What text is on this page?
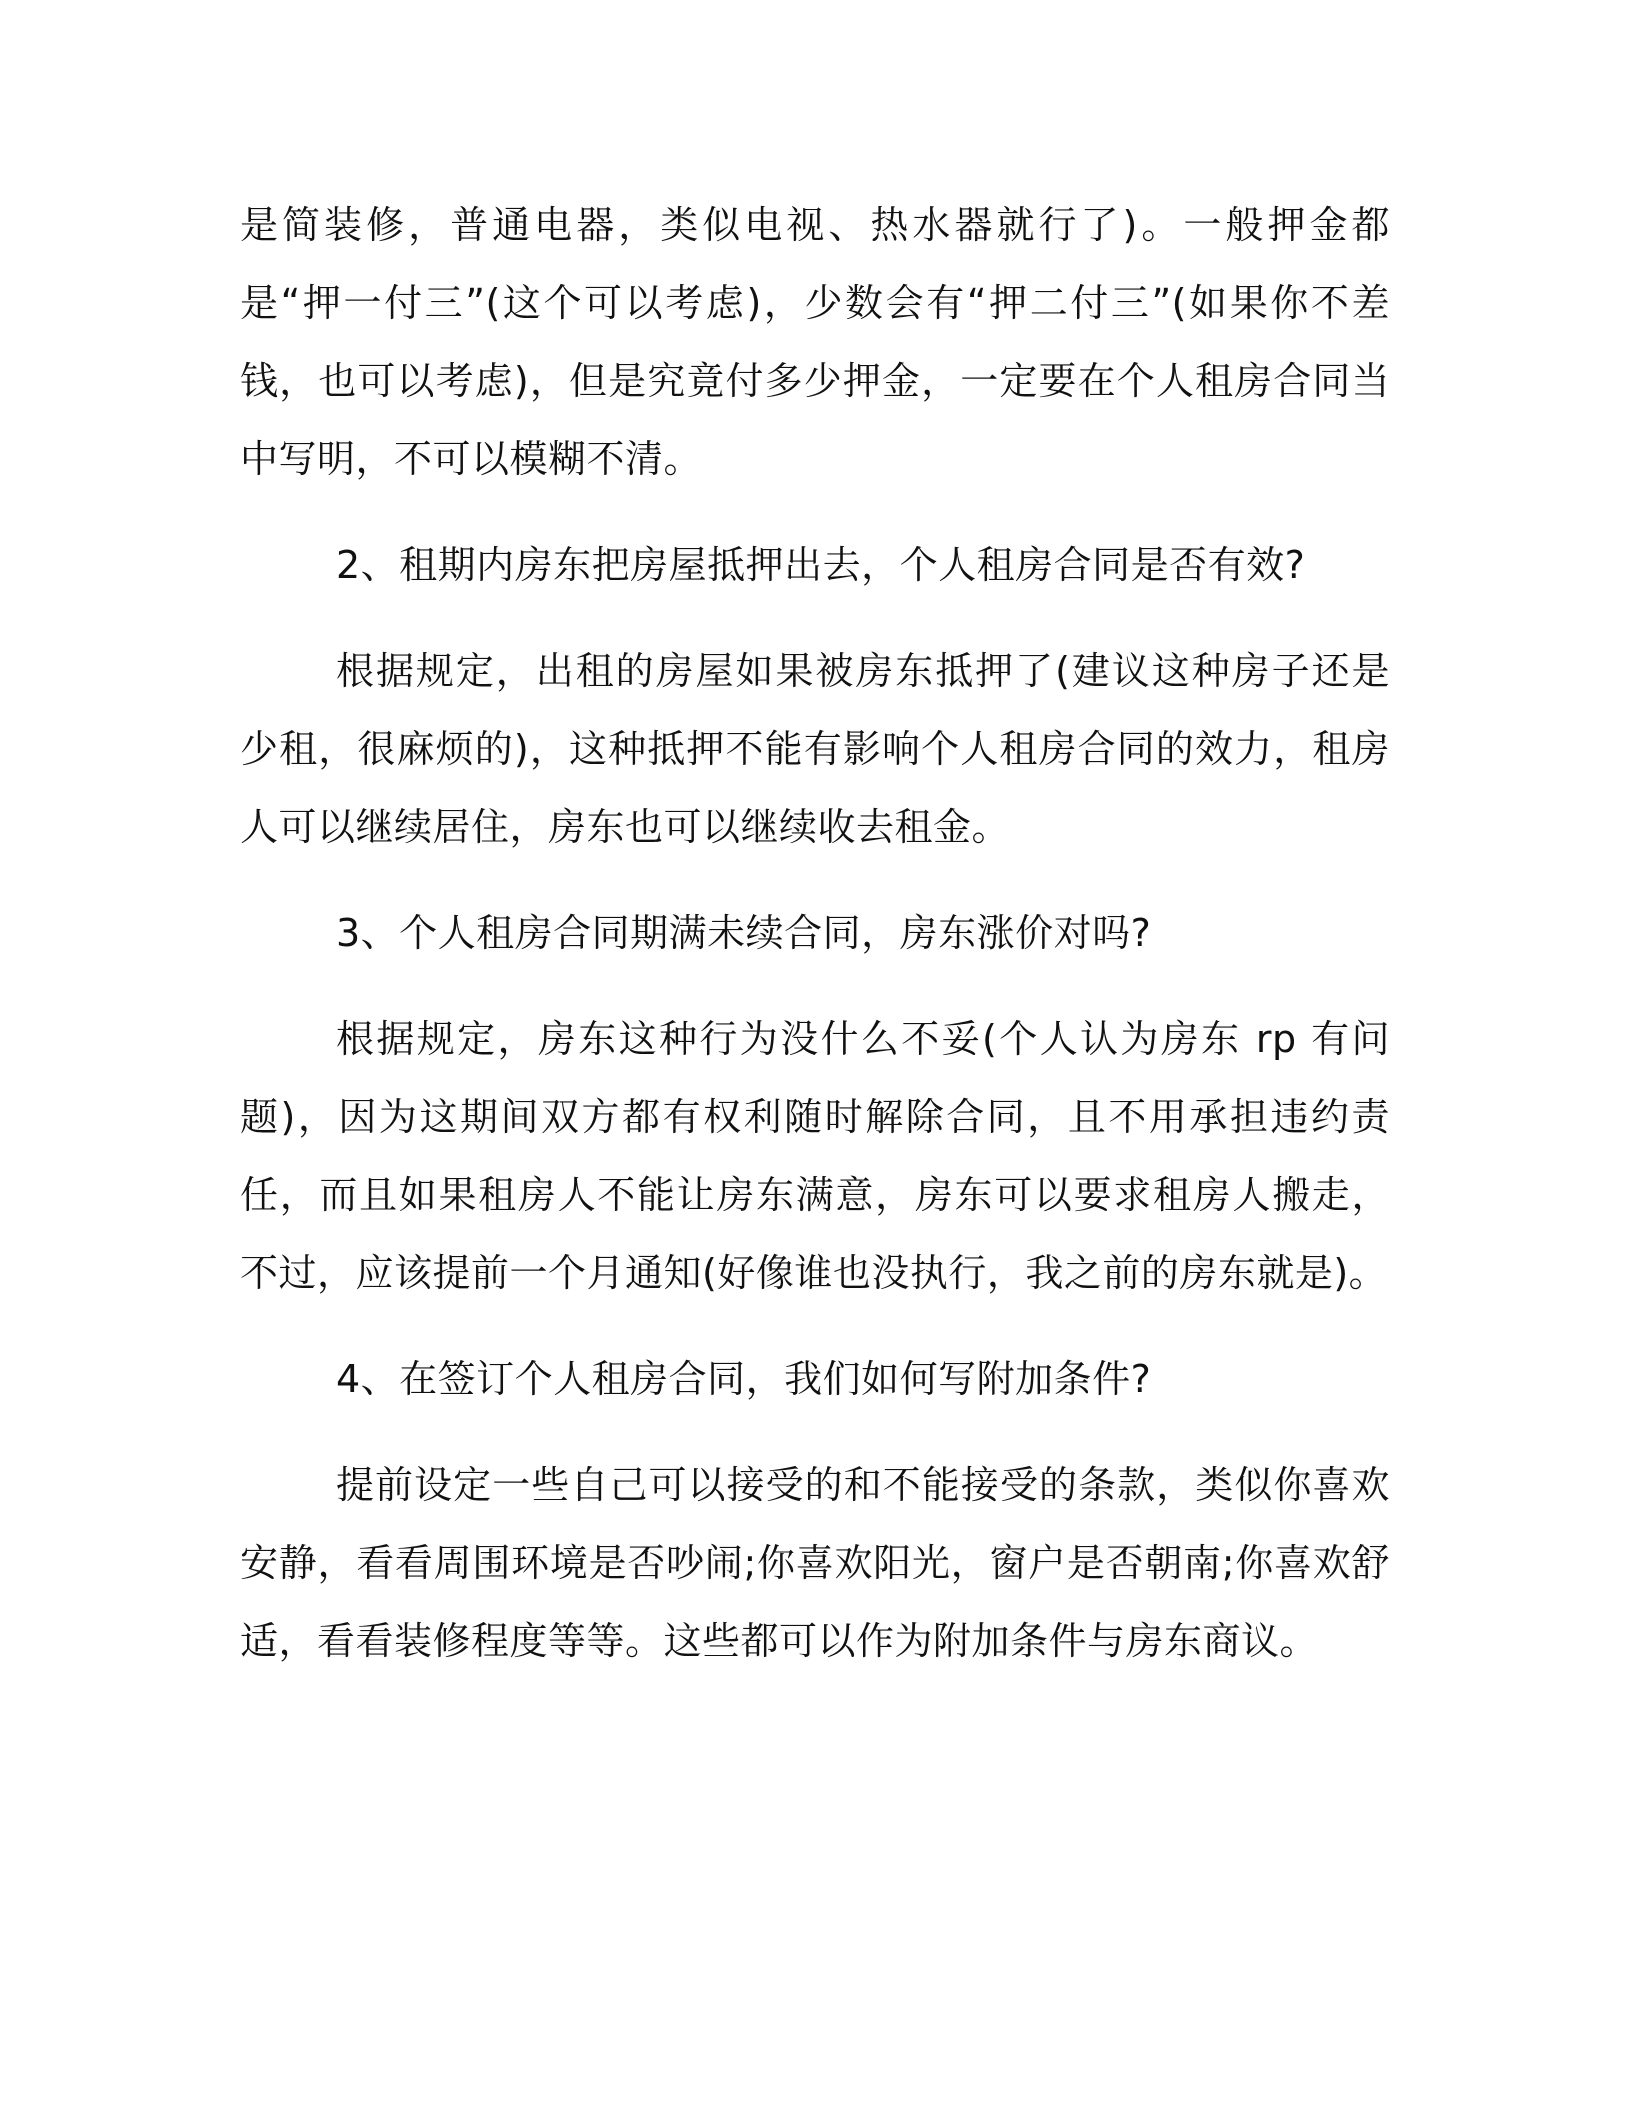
是简装修，普通电器，类似电视、热水器就行了)。一般押金都是“押一付三”(这个可以考虑)，少数会有“押二付三”(如果你不差钱，也可以考虑)，但是究竟付多少押金，一定要在个人租房合同当中写明，不可以模糊不清。

2、租期内房东把房屋抵押出去，个人租房合同是否有效?

根据规定，出租的房屋如果被房东抵押了(建议这种房子还是少租，很麻烦的)，这种抵押不能有影响个人租房合同的效力，租房人可以继续居住，房东也可以继续收去租金。

3、个人租房合同期满未续合同，房东涨价对吗?

根据规定，房东这种行为没什么不妥(个人认为房东 rp 有问题)，因为这期间双方都有权利随时解除合同，且不用承担违约责任，而且如果租房人不能让房东满意，房东可以要求租房人搬走，不过，应该提前一个月通知(好像谁也没执行，我之前的房东就是)。

4、在签订个人租房合同，我们如何写附加条件?

提前设定一些自己可以接受的和不能接受的条款，类似你喜欢安静，看看周围环境是否吵闹;你喜欢阳光，窗户是否朝南;你喜欢舒适，看看装修程度等等。这些都可以作为附加条件与房东商议。
